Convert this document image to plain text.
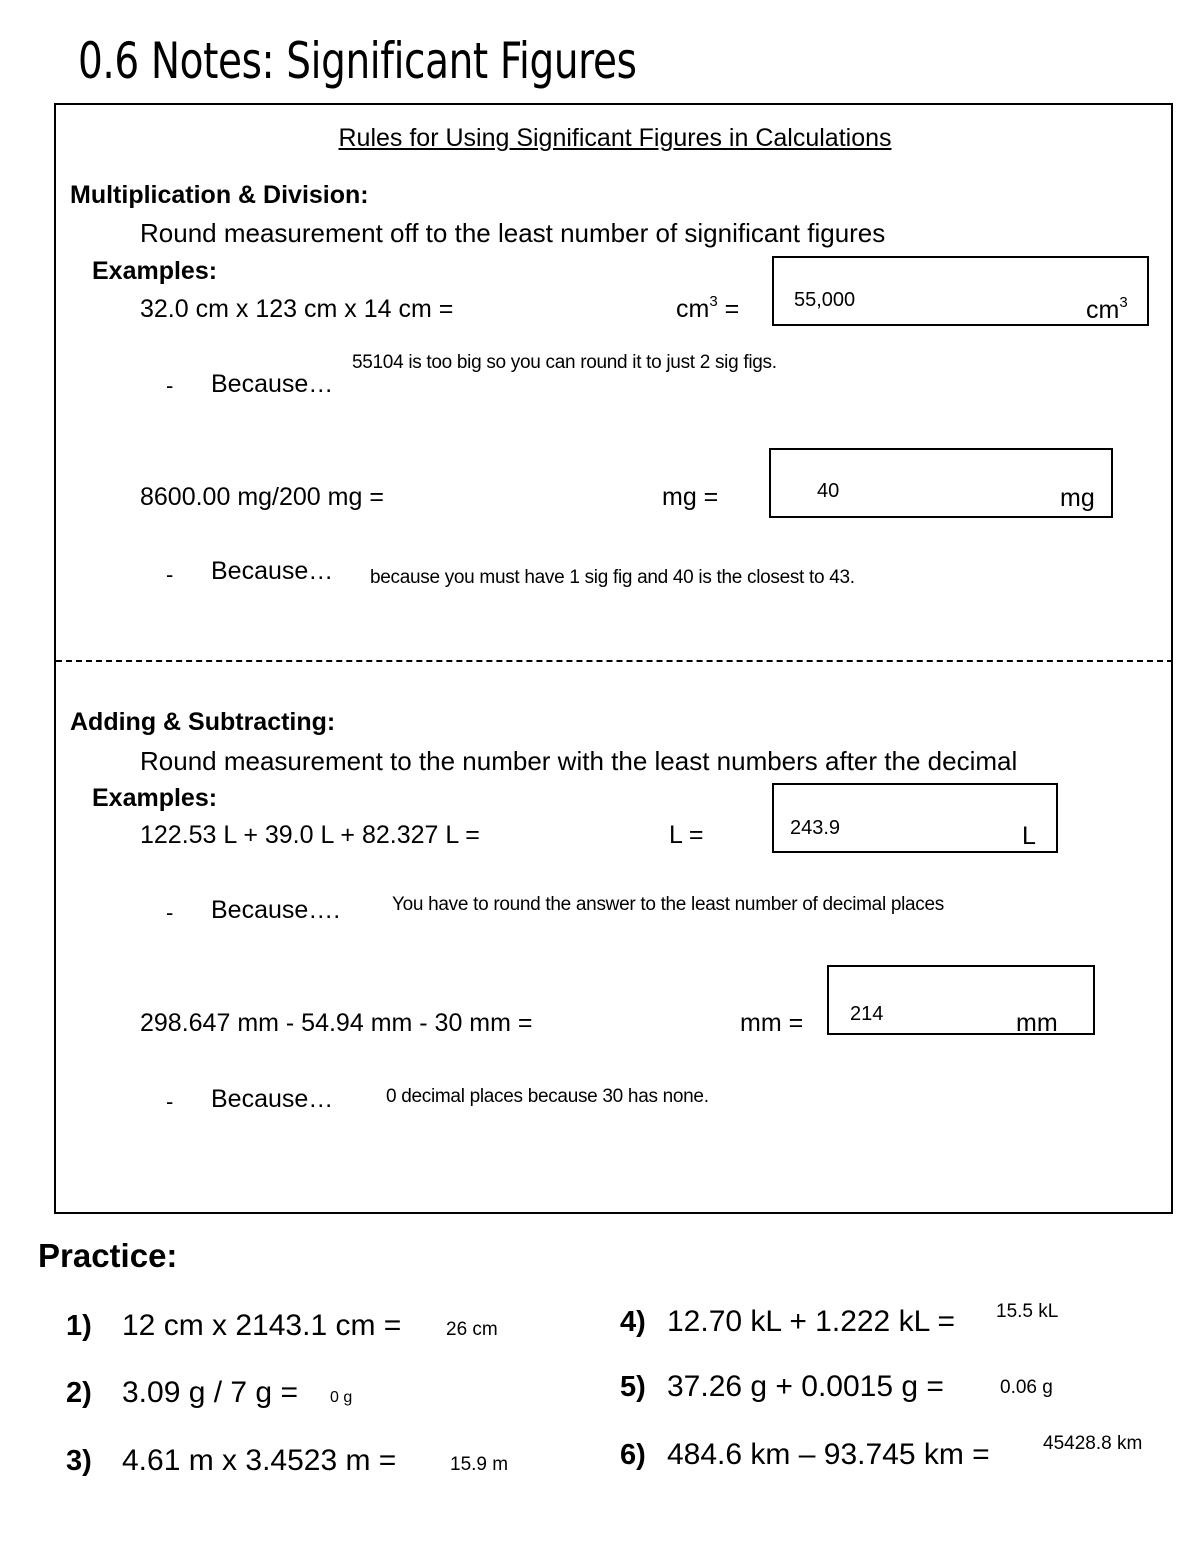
0.6 Notes: Significant Figures
Rules for Using Significant Figures in Calculations
Multiplication & Division:
Round measurement off to the least number of significant figures
Examples:
32.0 cm x 123 cm x 14 cm =	$cm^3$ =	55,000	$cm^3$
55104 is too big so you can round it to just 2 sig figs.
- Because…
8600.00 mg/200 mg =	mg =	40	mg
- Because… because you must have 1 sig fig and 40 is the closest to 43.
Adding & Subtracting:
Round measurement to the number with the least numbers after the decimal
Examples:
122.53 L + 39.0 L + 82.327 L =	L =	243.9	L
- Because….	You have to round the answer to the least number of decimal places
298.647 mm - 54.94 mm - 30 mm =	mm = 214	mm
- Because…	0 decimal places because 30 has none.
Practice:
1) 12 cm x 2143.1 cm = 26 cm
2) 3.09 g / 7 g = 0 g
3) 4.61 m x 3.4523 m =	15.9 m
4) 12.70 kL + 1.222 kL = 15.5 kL
5) 37.26 g + 0.0015 g =	0.06 g
6) 484.6 km – 93.745 km =	45428.8 km
